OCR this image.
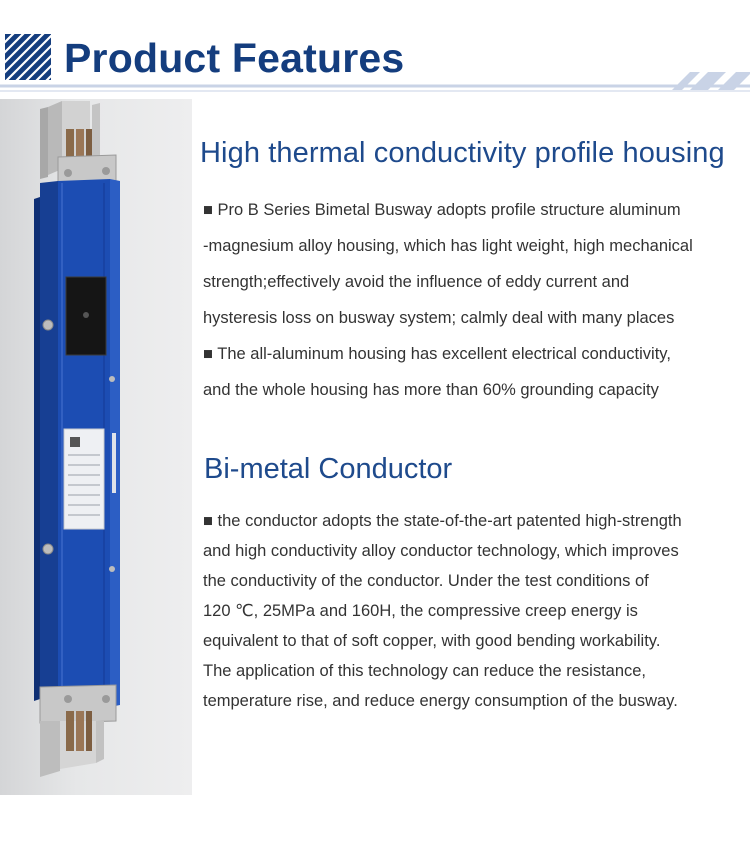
Product Features
High thermal conductivity profile housing
■ Pro B Series Bimetal Busway adopts profile structure aluminum
-magnesium alloy housing, which has light weight, high mechanical
strength;effectively avoid the influence of eddy current and
hysteresis loss on busway system; calmly deal with many places
■ The all-aluminum housing has excellent electrical conductivity,
and the whole housing has more than 60% grounding capacity
Bi-metal Conductor
■ the conductor adopts the state-of-the-art patented high-strength
and high conductivity alloy conductor technology, which improves
the conductivity of the conductor. Under the test conditions of
120 ℃, 25MPa and 160H, the compressive creep energy is
equivalent to that of soft copper, with good bending workability.
The application of this technology can reduce the resistance,
temperature rise, and reduce energy consumption of the busway.
